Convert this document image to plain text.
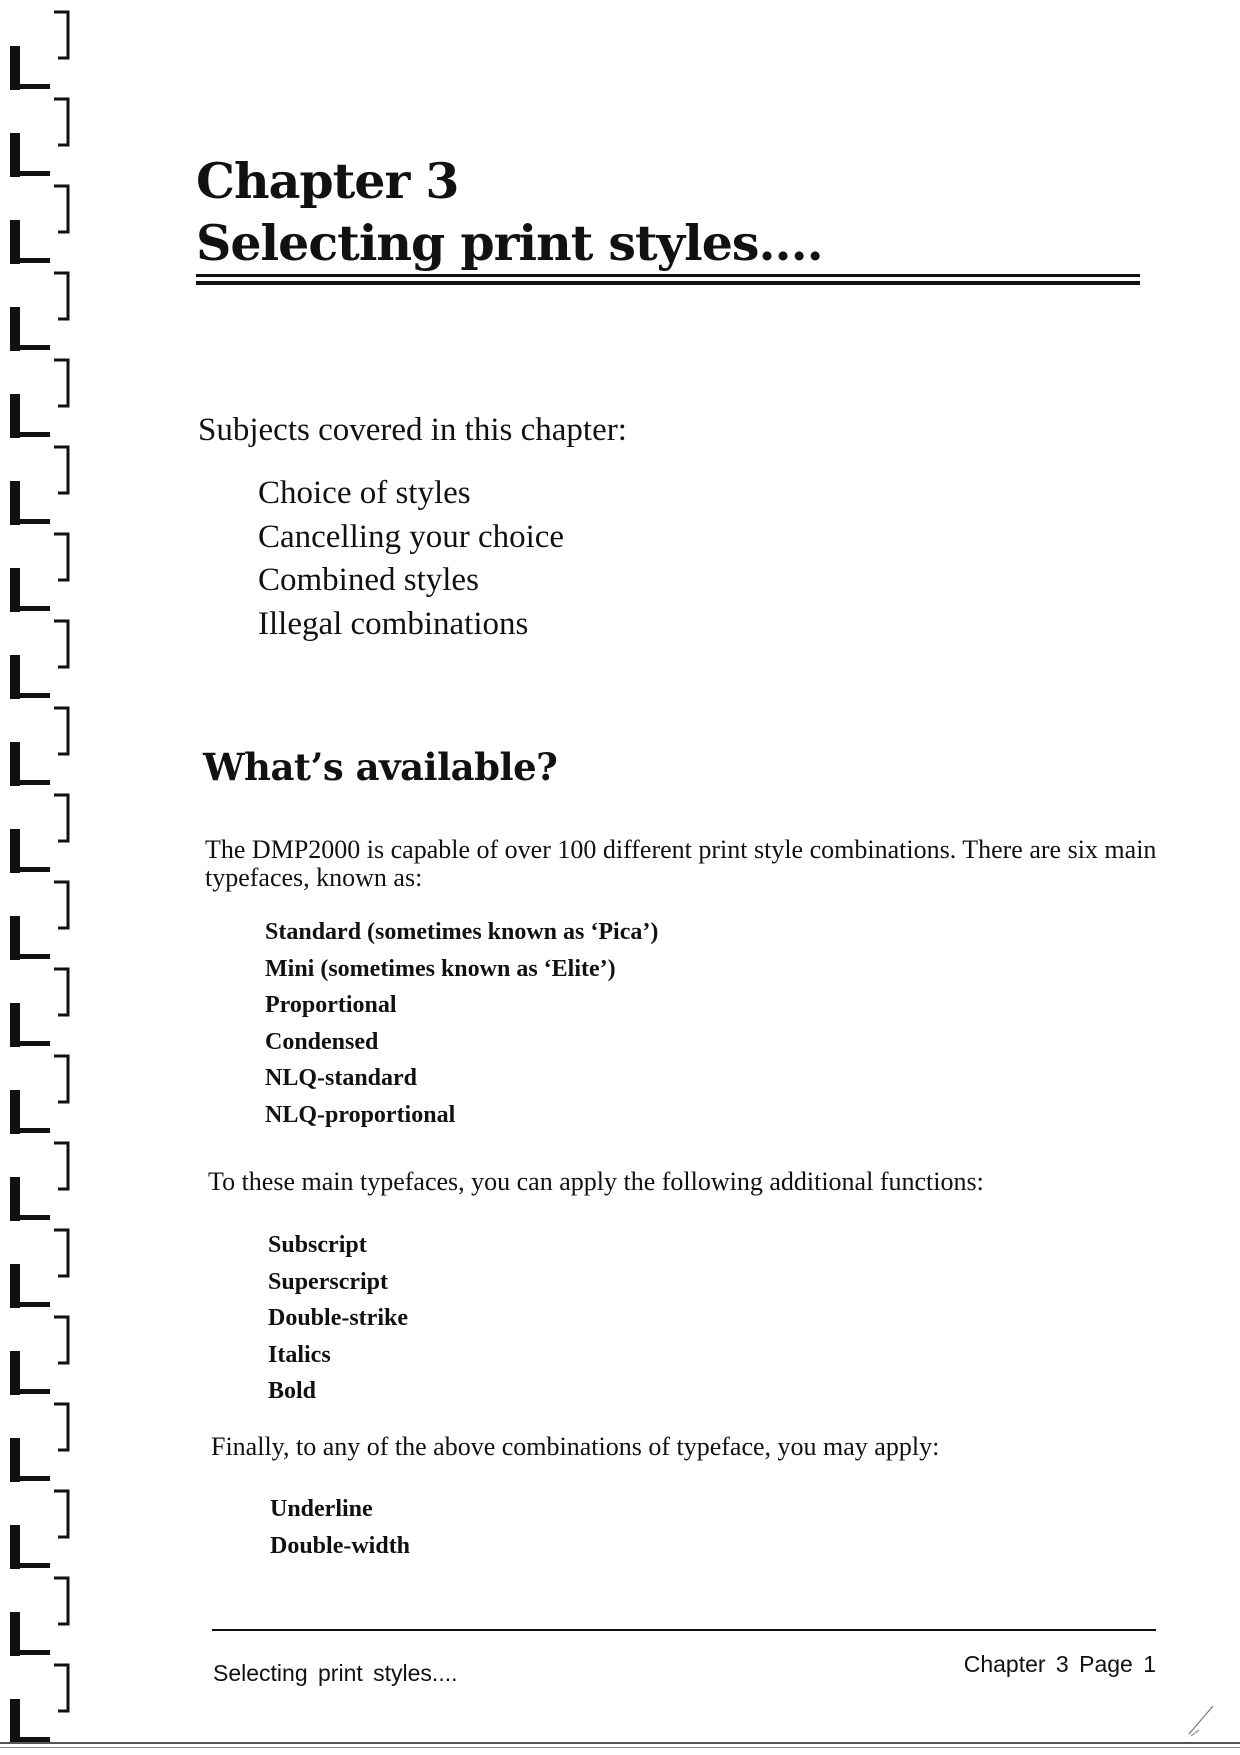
Chapter 3
Selecting print styles....

Subjects covered in this chapter:

Choice of styles
Cancelling your choice
Combined styles
Illegal combinations
What’s available?

The DMP2000 is capable of over 100 different print style combinations. There are six main typefaces, known as:

Standard (sometimes known as ‘Pica’)
Mini (sometimes known as ‘Elite’)
Proportional
Condensed
NLQ-standard
NLQ-proportional

To these main typefaces, you can apply the following additional functions:

Subscript
Superscript
Double-strike
Italics
Bold

Finally, to any of the above combinations of typeface, you may apply:

Underline
Double-width

Selecting print styles....	Chapter 3 Page 1
